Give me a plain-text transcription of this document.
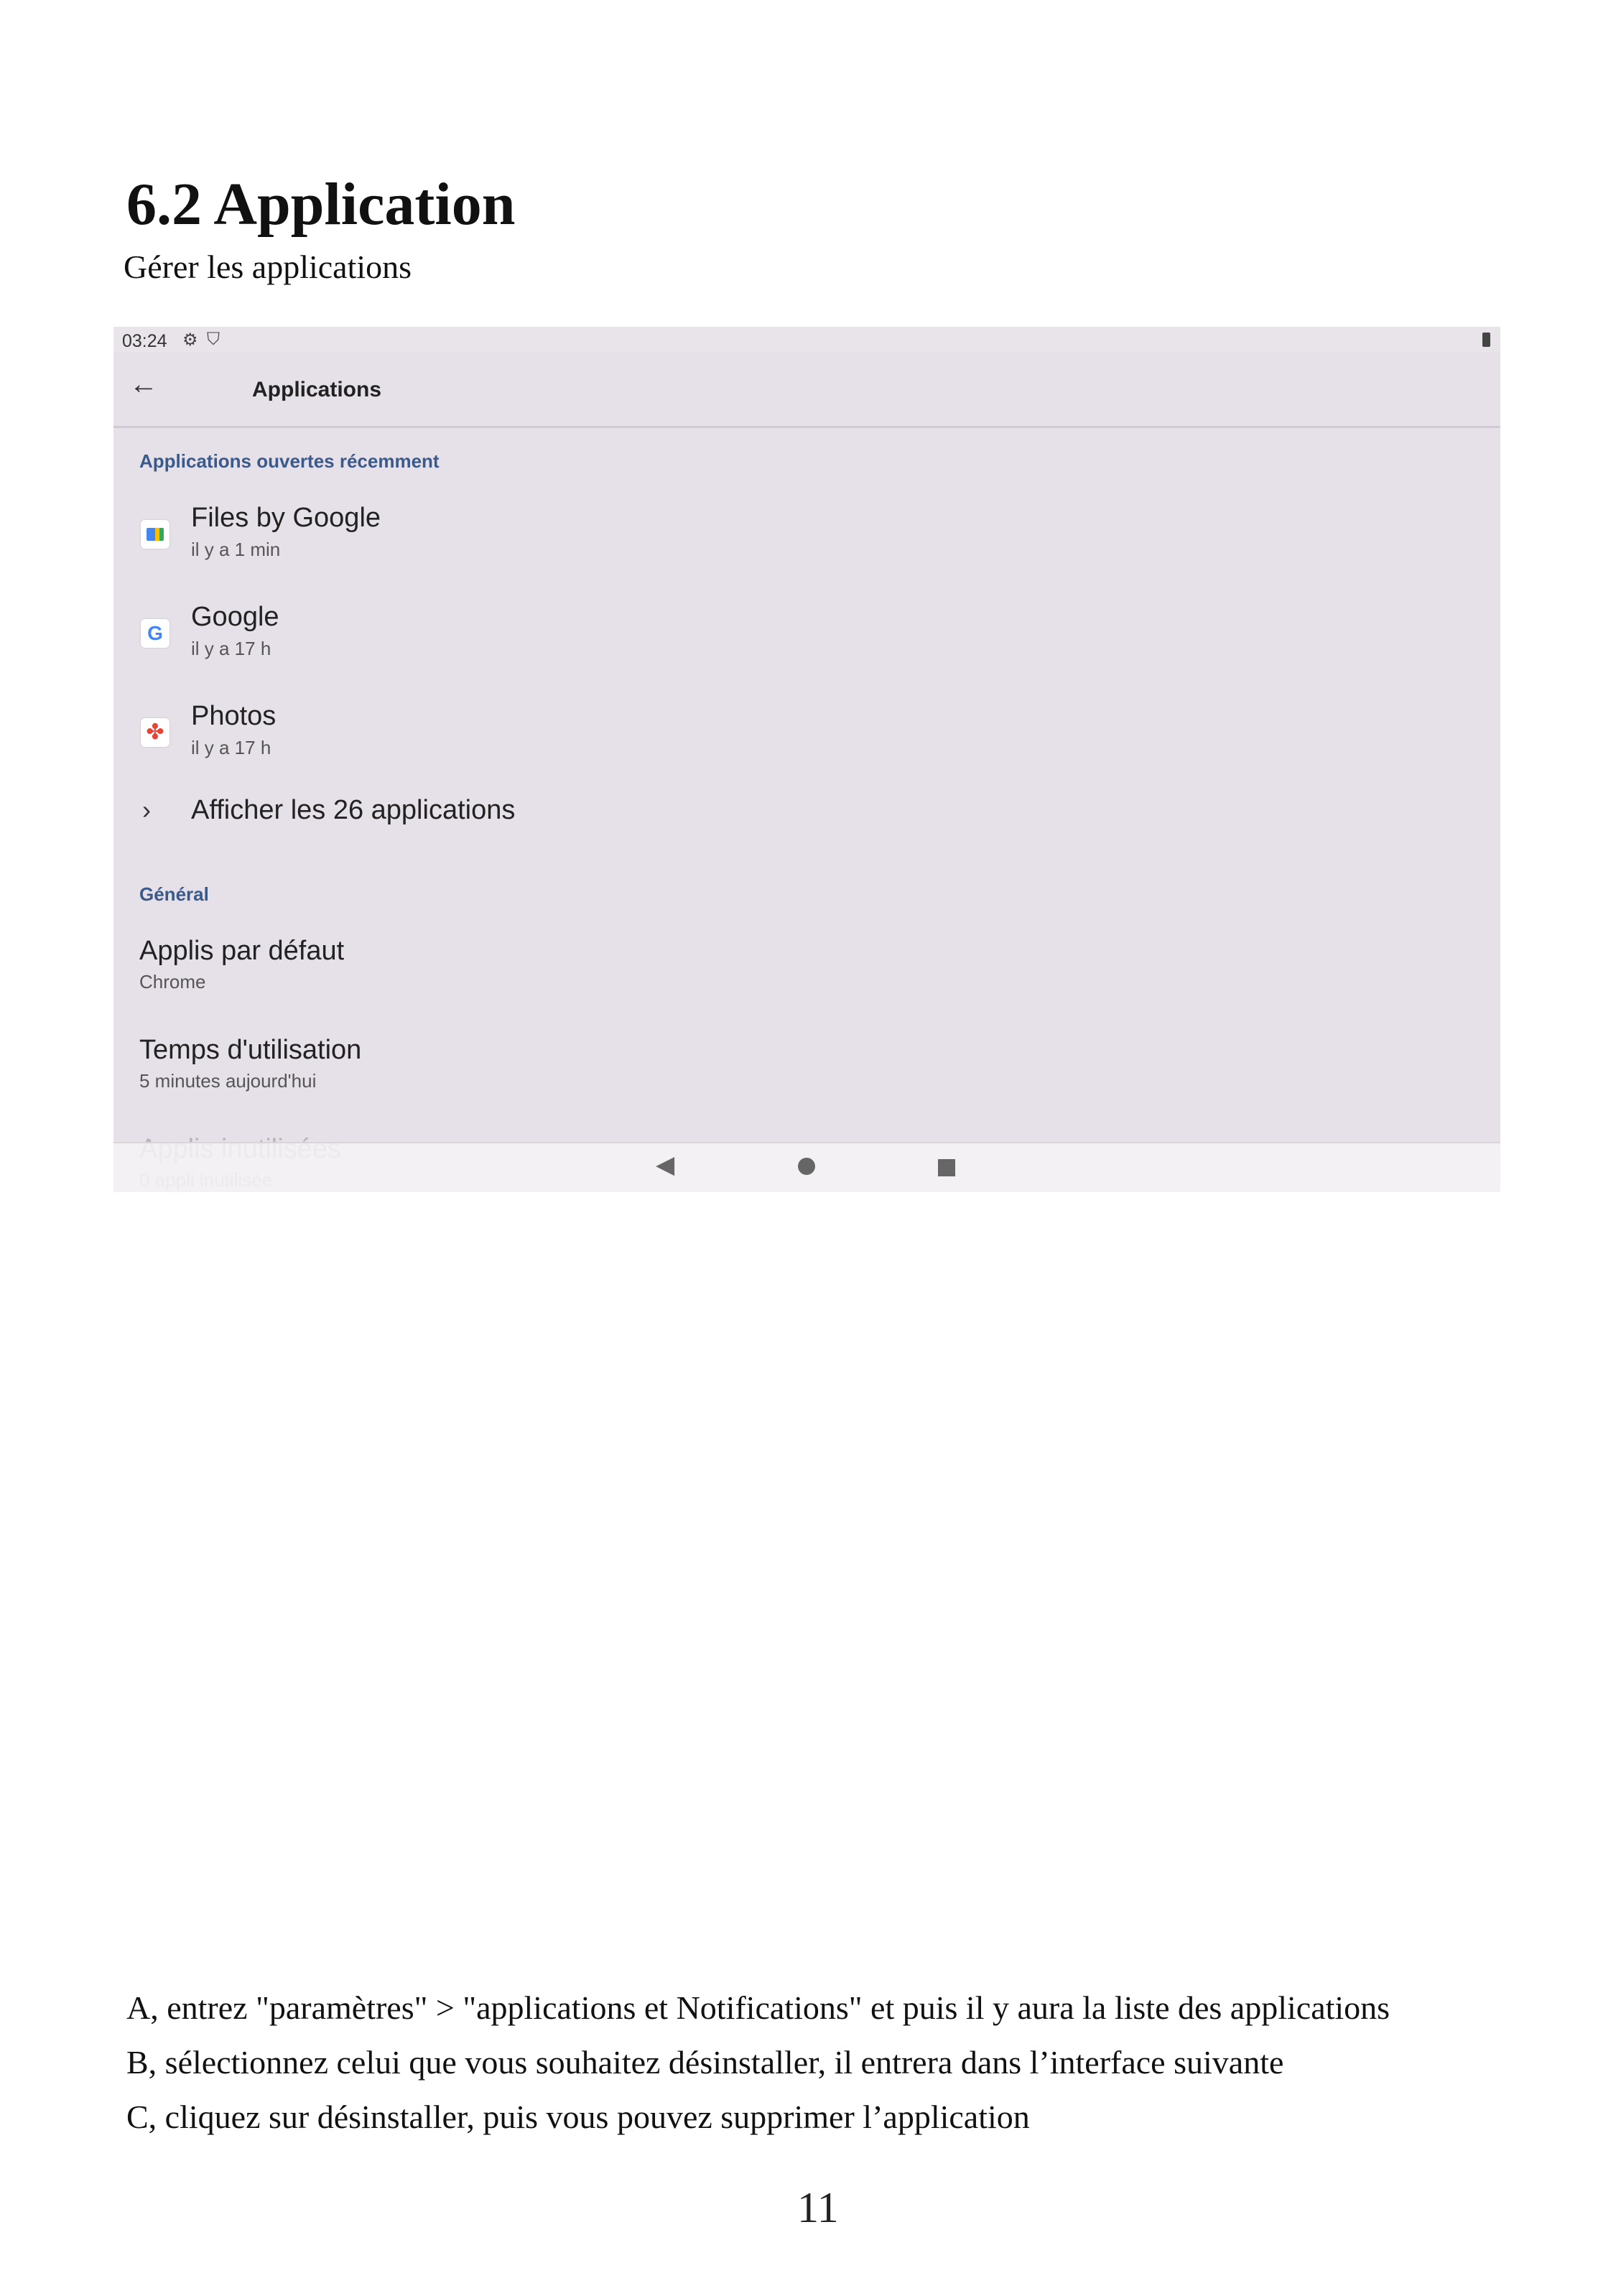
6.2 Application
Gérer les applications
03:24 ⚙ ⛉
←	Applications
Applications ouvertes récemment
Files by Google
il y a 1 min
G
Google
il y a 17 h
✤
Photos
il y a 17 h
› Afficher les 26 applications
Général
Applis par défaut
Chrome
Temps d'utilisation
5 minutes aujourd'hui
◀
A, entrez "paramètres" > "applications et Notifications" et puis il y aura la liste des applications
B, sélectionnez celui que vous souhaitez désinstaller, il entrera dans l’interface suivante
C, cliquez sur désinstaller, puis vous pouvez supprimer l’application
11
